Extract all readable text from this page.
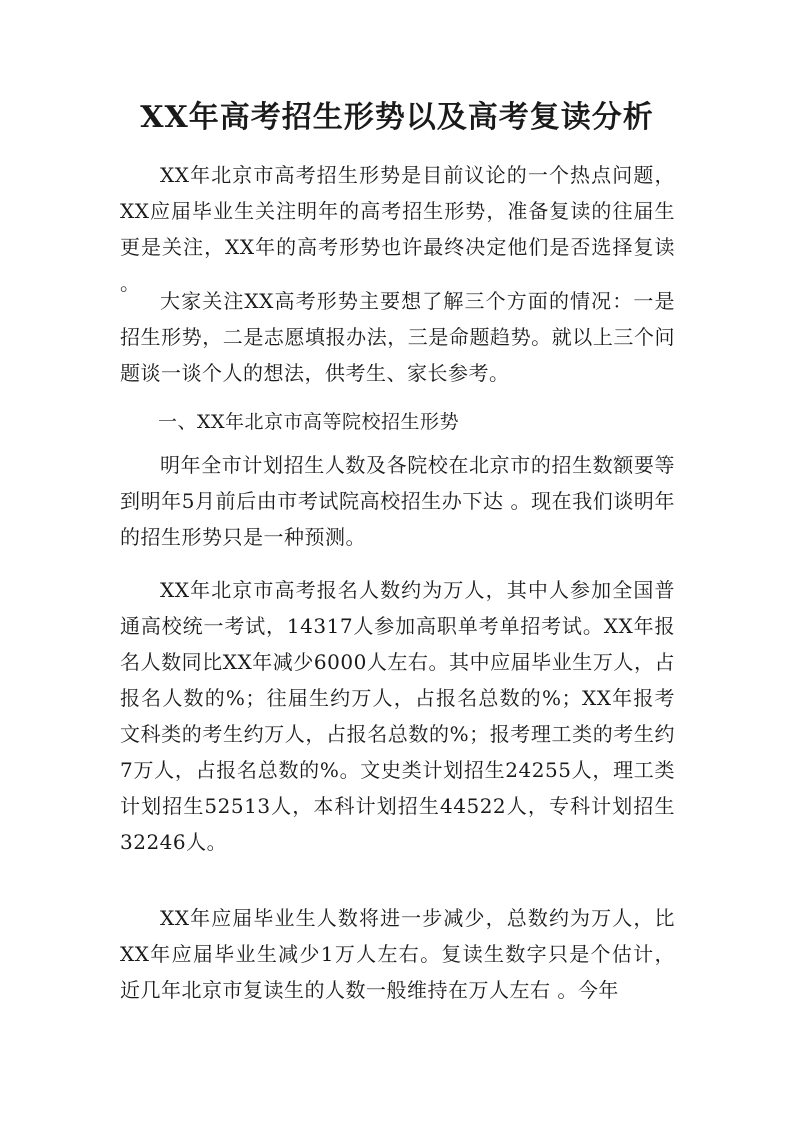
XX年高考招生形势以及高考复读分析

XX年北京市高考招生形势是目前议论的一个热点问题，XX应届毕业生关注明年的高考招生形势，准备复读的往届生更是关注，XX年的高考形势也许最终决定他们是否选择复读 。

大家关注XX高考形势主要想了解三个方面的情况：一是招生形势，二是志愿填报办法，三是命题趋势。就以上三个问题谈一谈个人的想法，供考生、家长参考。

一、XX年北京市高等院校招生形势

明年全市计划招生人数及各院校在北京市的招生数额要等到明年5月前后由市考试院高校招生办下达 。现在我们谈明年的招生形势只是一种预测。

XX年北京市高考报名人数约为万人，其中人参加全国普通高校统一考试，14317人参加高职单考单招考试。XX年报名人数同比XX年减少6000人左右。其中应届毕业生万人，占报名人数的%；往届生约万人，占报名总数的%；XX年报考文科类的考生约万人，占报名总数的%；报考理工类的考生约7万人，占报名总数的%。文史类计划招生24255人，理工类计划招生52513人，本科计划招生44522人，专科计划招生32246人。

XX年应届毕业生人数将进一步减少，总数约为万人，比XX年应届毕业生减少1万人左右。复读生数字只是个估计，近几年北京市复读生的人数一般维持在万人左右 。今年
